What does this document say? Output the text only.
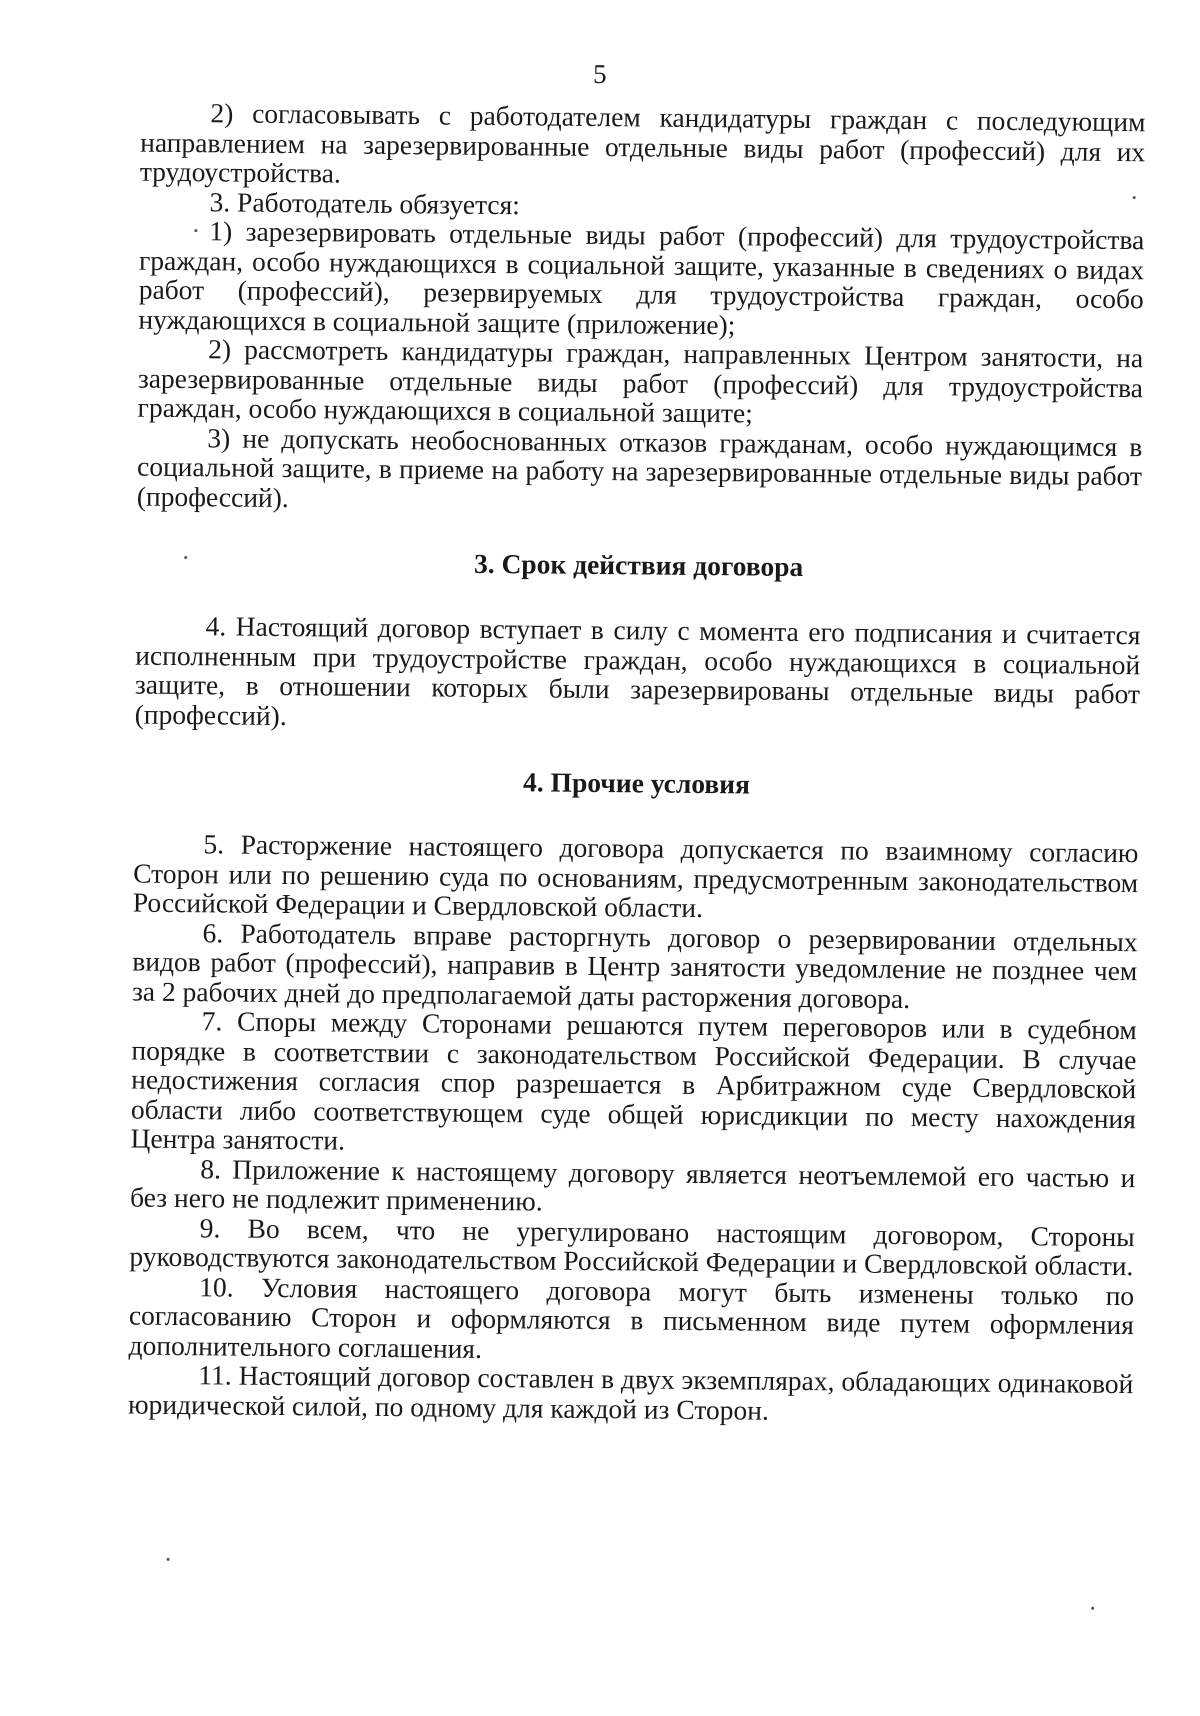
5

2) согласовывать с работодателем кандидатуры граждан с последующим направлением на зарезервированные отдельные виды работ (профессий) для их трудоустройства.

3. Работодатель обязуется:

1) зарезервировать отдельные виды работ (профессий) для трудоустройства граждан, особо нуждающихся в социальной защите, указанные в сведениях о видах работ (профессий), резервируемых для трудоустройства граждан, особо нуждающихся в социальной защите (приложение);

2) рассмотреть кандидатуры граждан, направленных Центром занятости, на зарезервированные отдельные виды работ (профессий) для трудоустройства граждан, особо нуждающихся в социальной защите;

3) не допускать необоснованных отказов гражданам, особо нуждающимся в социальной защите, в приеме на работу на зарезервированные отдельные виды работ (профессий).

3. Срок действия договора

4. Настоящий договор вступает в силу с момента его подписания и считается исполненным при трудоустройстве граждан, особо нуждающихся в социальной защите, в отношении которых были зарезервированы отдельные виды работ (профессий).

4. Прочие условия

5. Расторжение настоящего договора допускается по взаимному согласию Сторон или по решению суда по основаниям, предусмотренным законодательством Российской Федерации и Свердловской области.

6. Работодатель вправе расторгнуть договор о резервировании отдельных видов работ (профессий), направив в Центр занятости уведомление не позднее чем за 2 рабочих дней до предполагаемой даты расторжения договора.

7. Споры между Сторонами решаются путем переговоров или в судебном порядке в соответствии с законодательством Российской Федерации. В случае недостижения согласия спор разрешается в Арбитражном суде Свердловской области либо соответствующем суде общей юрисдикции по месту нахождения Центра занятости.

8. Приложение к настоящему договору является неотъемлемой его частью и без него не подлежит применению.

9. Во всем, что не урегулировано настоящим договором, Стороны руководствуются законодательством Российской Федерации и Свердловской области.

10. Условия настоящего договора могут быть изменены только по согласованию Сторон и оформляются в письменном виде путем оформления дополнительного соглашения.

11. Настоящий договор составлен в двух экземплярах, обладающих одинаковой юридической силой, по одному для каждой из Сторон.
